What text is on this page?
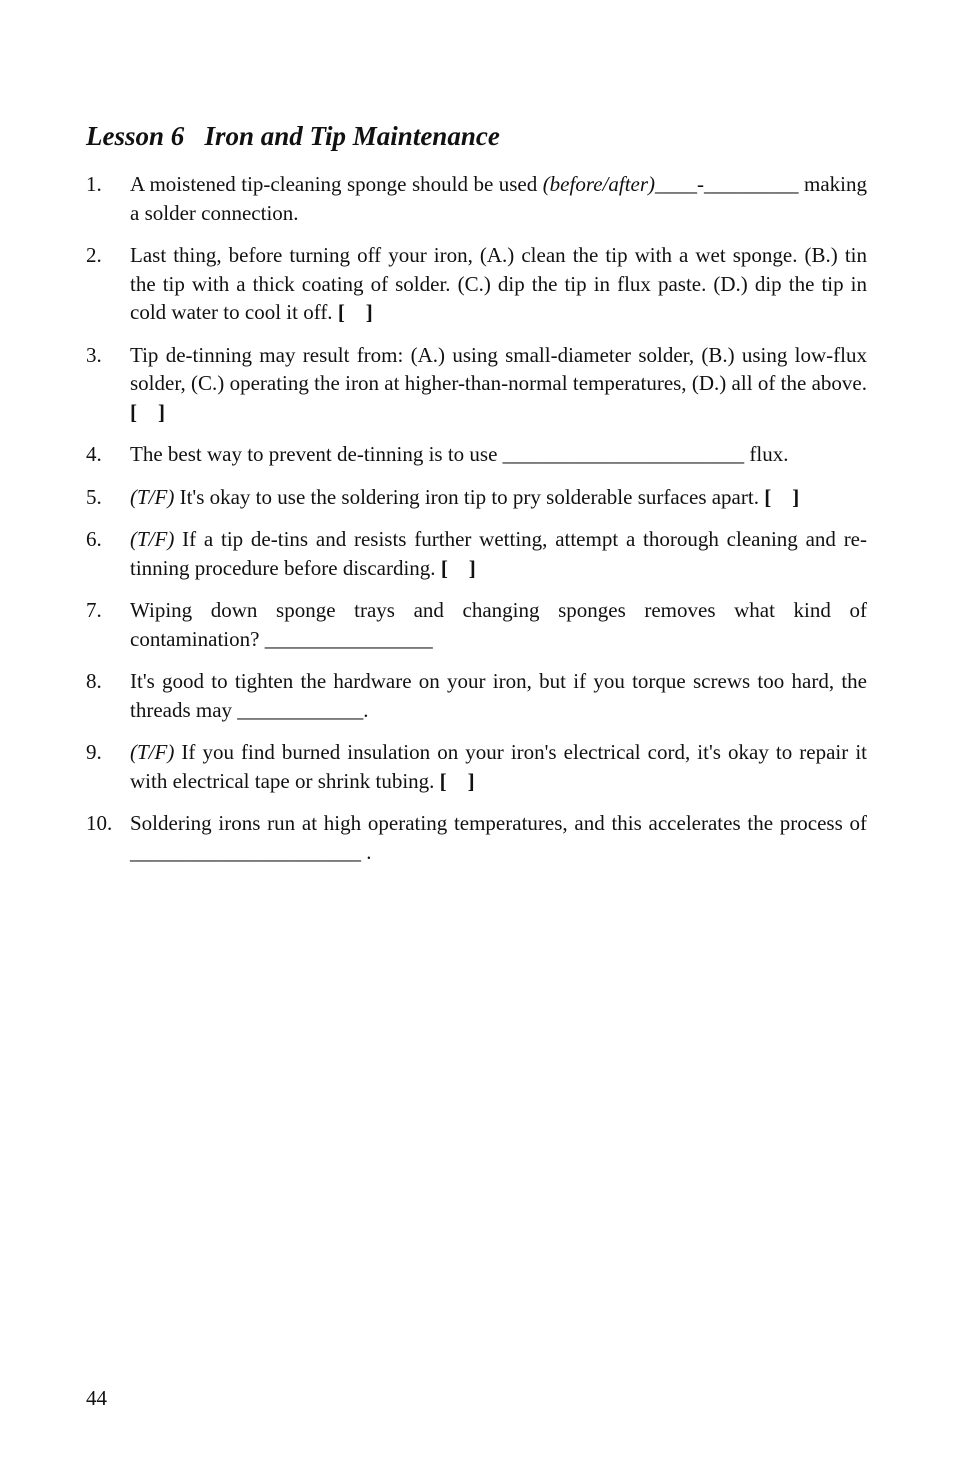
Lesson 6   Iron and Tip Maintenance
1. A moistened tip-cleaning sponge should be used (before/after)____-_________ making a solder connection.
2. Last thing, before turning off your iron, (A.) clean the tip with a wet sponge. (B.) tin the tip with a thick coating of solder. (C.) dip the tip in flux paste. (D.) dip the tip in cold water to cool it off. [    ]
3. Tip de-tinning may result from: (A.) using small-diameter solder, (B.) using low-flux solder, (C.) operating the iron at higher-than-normal temperatures, (D.) all of the above. [    ]
4. The best way to prevent de-tinning is to use _______________________ flux.
5. (T/F) It's okay to use the soldering iron tip to pry solderable surfaces apart. [    ]
6. (T/F) If a tip de-tins and resists further wetting, attempt a thorough cleaning and re-tinning procedure before discarding. [    ]
7. Wiping down sponge trays and changing sponges removes what kind of contamination? ________________
8. It's good to tighten the hardware on your iron, but if you torque screws too hard, the threads may ____________.
9. (T/F) If you find burned insulation on your iron's electrical cord, it's okay to repair it with electrical tape or shrink tubing. [    ]
10. Soldering irons run at high operating temperatures, and this accelerates the process of ______________________ .
44
